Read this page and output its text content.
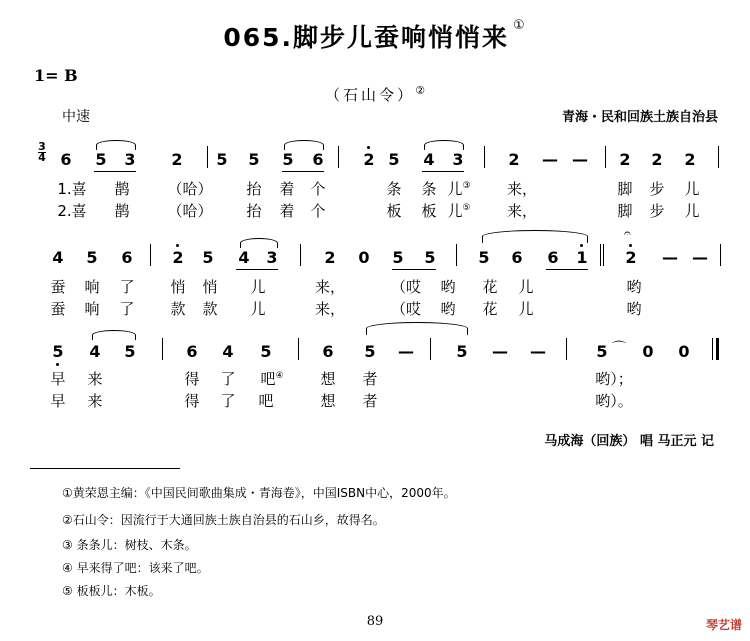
065.脚步儿蚕响悄悄来 ①
1= B
（石山令）②
中速	青海・民和回族土族自治县
3
4 6 5 3 2 5 5 5 6 2 5 4 3	2 — — 2 2 2
1.喜 鹊	（哈） 抬 着 个	条 条 儿③ 来，	脚 步 儿
2.喜 鹊	（哈） 抬 着 个	板 板 儿⑤ 来，	脚 步 儿
4 5 6 2 5 4 3	2 0 5 5	5 6 6 1 2 — —
𝄐
蚕 响 了 悄 悄 儿	来，	（哎 哟 花 儿	哟
蚕 响 了 款 款 儿	来，	（哎 哟 花 儿	哟
5 4 5	6 4 5	6 5 —	5 — —	5 0 0
⌒
早 来	得 了 吧④ 想 者	哟）；
早 来	得 了 吧	想 者	哟）。
马成海（回族） 唱 马正元 记
①黄荣恩主编：《中国民间歌曲集成・青海卷》，中国ISBN中心，2000年。
②石山令：因流行于大通回族土族自治县的石山乡，故得名。
③ 条条儿：树枝、木条。
④ 早来得了吧：该来了吧。
⑤ 板板儿：木板。
89	琴艺谱
